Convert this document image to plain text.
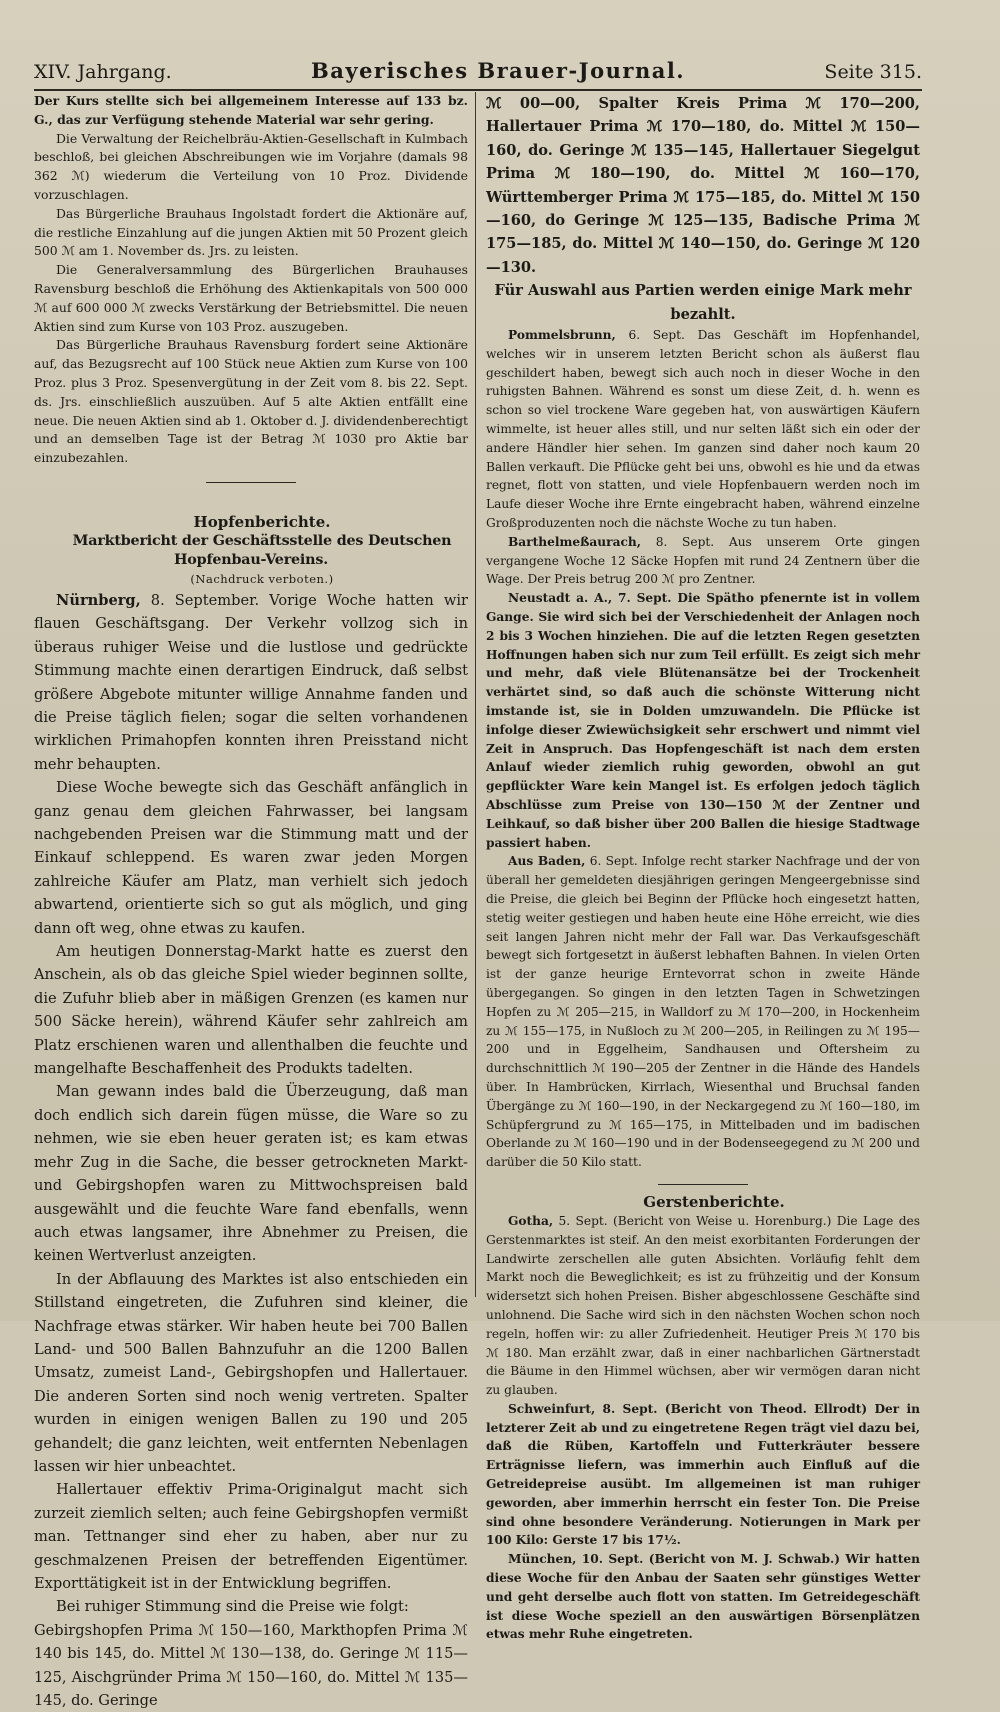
XIV. Jahrgang.	Bayerisches Brauer-Journal.	Seite 315.

Der Kurs stellte sich bei allgemeinem Interesse auf 133 bz. G., das zur Verfügung stehende Material war sehr gering.

Die Verwaltung der Reichelbräu-Aktien-Gesellschaft in Kulmbach beschloß, bei gleichen Abschreibungen wie im Vorjahre (damals 98 362 ℳ) wiederum die Verteilung von 10 Proz. Dividende vorzuschlagen.

Das Bürgerliche Brauhaus Ingolstadt fordert die Aktionäre auf, die restliche Einzahlung auf die jungen Aktien mit 50 Prozent gleich 500 ℳ am 1. November ds. Jrs. zu leisten.

Die Generalversammlung des Bürgerlichen Brauhauses Ravensburg beschloß die Erhöhung des Aktienkapitals von 500 000 ℳ auf 600 000 ℳ zwecks Verstärkung der Betriebsmittel. Die neuen Aktien sind zum Kurse von 103 Proz. auszugeben.

Das Bürgerliche Brauhaus Ravensburg fordert seine Aktionäre auf, das Bezugsrecht auf 100 Stück neue Aktien zum Kurse von 100 Proz. plus 3 Proz. Spesenvergütung in der Zeit vom 8. bis 22. Sept. ds. Jrs. einschließlich auszuüben. Auf 5 alte Aktien entfällt eine neue. Die neuen Aktien sind ab 1. Oktober d. J. dividendenberechtigt und an demselben Tage ist der Betrag ℳ 1030 pro Aktie bar einzubezahlen.

Hopfenberichte.

Marktbericht der Geschäftsstelle des Deutschen Hopfenbau-Vereins.

(Nachdruck verboten.)

Nürnberg, 8. September. Vorige Woche hatten wir flauen Geschäftsgang. Der Verkehr vollzog sich in überaus ruhiger Weise und die lustlose und gedrückte Stimmung machte einen derartigen Eindruck, daß selbst größere Abgebote mitunter willige Annahme fanden und die Preise täglich fielen; sogar die selten vorhandenen wirklichen Primahopfen konnten ihren Preisstand nicht mehr behaupten.

Diese Woche bewegte sich das Geschäft anfänglich in ganz genau dem gleichen Fahrwasser, bei langsam nachgebenden Preisen war die Stimmung matt und der Einkauf schleppend. Es waren zwar jeden Morgen zahlreiche Käufer am Platz, man verhielt sich jedoch abwartend, orientierte sich so gut als möglich, und ging dann oft weg, ohne etwas zu kaufen.

Am heutigen Donnerstag-Markt hatte es zuerst den Anschein, als ob das gleiche Spiel wieder beginnen sollte, die Zufuhr blieb aber in mäßigen Grenzen (es kamen nur 500 Säcke herein), während Käufer sehr zahlreich am Platz erschienen waren und allenthalben die feuchte und mangelhafte Beschaffenheit des Produkts tadelten.

Man gewann indes bald die Überzeugung, daß man doch endlich sich darein fügen müsse, die Ware so zu nehmen, wie sie eben heuer geraten ist; es kam etwas mehr Zug in die Sache, die besser getrockneten Markt- und Gebirgshopfen waren zu Mittwochspreisen bald ausgewählt und die feuchte Ware fand ebenfalls, wenn auch etwas langsamer, ihre Abnehmer zu Preisen, die keinen Wertverlust anzeigten.

In der Abflauung des Marktes ist also entschieden ein Stillstand eingetreten, die Zufuhren sind kleiner, die Nachfrage etwas stärker. Wir haben heute bei 700 Ballen Land- und 500 Ballen Bahnzufuhr an die 1200 Ballen Umsatz, zumeist Land-, Gebirgshopfen und Hallertauer. Die anderen Sorten sind noch wenig vertreten. Spalter wurden in einigen wenigen Ballen zu 190 und 205 gehandelt; die ganz leichten, weit entfernten Nebenlagen lassen wir hier unbeachtet.

Hallertauer effektiv Prima-Originalgut macht sich zurzeit ziemlich selten; auch feine Gebirgshopfen vermißt man. Tettnanger sind eher zu haben, aber nur zu geschmalzenen Preisen der betreffenden Eigentümer. Exporttätigkeit ist in der Entwicklung begriffen.

Bei ruhiger Stimmung sind die Preise wie folgt:

Gebirgshopfen Prima ℳ 150—160, Markthopfen Prima ℳ 140 bis 145, do. Mittel ℳ 130—138, do. Geringe ℳ 115—125, Aischgründer Prima ℳ 150—160, do. Mittel ℳ 135—145, do. Geringe

ℳ 00—00, Spalter Kreis Prima ℳ 170—200, Hallertauer Prima ℳ 170—180, do. Mittel ℳ 150—160, do. Geringe ℳ 135—145, Hallertauer Siegelgut Prima ℳ 180—190, do. Mittel ℳ 160—170, Württemberger Prima ℳ 175—185, do. Mittel ℳ 150—160, do Geringe ℳ 125—135, Badische Prima ℳ 175—185, do. Mittel ℳ 140—150, do. Geringe ℳ 120—130.

Für Auswahl aus Partien werden einige Mark mehr bezahlt.

Pommelsbrunn, 6. Sept. Das Geschäft im Hopfenhandel, welches wir in unserem letzten Bericht schon als äußerst flau geschildert haben, bewegt sich auch noch in dieser Woche in den ruhigsten Bahnen. Während es sonst um diese Zeit, d. h. wenn es schon so viel trockene Ware gegeben hat, von auswärtigen Käufern wimmelte, ist heuer alles still, und nur selten läßt sich ein oder der andere Händler hier sehen. Im ganzen sind daher noch kaum 20 Ballen verkauft. Die Pflücke geht bei uns, obwohl es hie und da etwas regnet, flott von statten, und viele Hopfenbauern werden noch im Laufe dieser Woche ihre Ernte eingebracht haben, während einzelne Großproduzenten noch die nächste Woche zu tun haben.

Barthelmeßaurach, 8. Sept. Aus unserem Orte gingen vergangene Woche 12 Säcke Hopfen mit rund 24 Zentnern über die Wage. Der Preis betrug 200 ℳ pro Zentner.

Neustadt a. A., 7. Sept. Die Spätho pfenernte ist in vollem Gange. Sie wird sich bei der Verschiedenheit der Anlagen noch 2 bis 3 Wochen hinziehen. Die auf die letzten Regen gesetzten Hoffnungen haben sich nur zum Teil erfüllt. Es zeigt sich mehr und mehr, daß viele Blütenansätze bei der Trockenheit verhärtet sind, so daß auch die schönste Witterung nicht imstande ist, sie in Dolden umzuwandeln. Die Pflücke ist infolge dieser Zwiewüchsigkeit sehr erschwert und nimmt viel Zeit in Anspruch. Das Hopfengeschäft ist nach dem ersten Anlauf wieder ziemlich ruhig geworden, obwohl an gut gepflückter Ware kein Mangel ist. Es erfolgen jedoch täglich Abschlüsse zum Preise von 130—150 ℳ der Zentner und Leihkauf, so daß bisher über 200 Ballen die hiesige Stadtwage passiert haben.

Aus Baden, 6. Sept. Infolge recht starker Nachfrage und der von überall her gemeldeten diesjährigen geringen Mengeergebnisse sind die Preise, die gleich bei Beginn der Pflücke hoch eingesetzt hatten, stetig weiter gestiegen und haben heute eine Höhe erreicht, wie dies seit langen Jahren nicht mehr der Fall war. Das Verkaufsgeschäft bewegt sich fortgesetzt in äußerst lebhaften Bahnen. In vielen Orten ist der ganze heurige Erntevorrat schon in zweite Hände übergegangen. So gingen in den letzten Tagen in Schwetzingen Hopfen zu ℳ 205—215, in Walldorf zu ℳ 170—200, in Hockenheim zu ℳ 155—175, in Nußloch zu ℳ 200—205, in Reilingen zu ℳ 195—200 und in Eggelheim, Sandhausen und Oftersheim zu durchschnittlich ℳ 190—205 der Zentner in die Hände des Handels über. In Hambrücken, Kirrlach, Wiesenthal und Bruchsal fanden Übergänge zu ℳ 160—190, in der Neckargegend zu ℳ 160—180, im Schüpfergrund zu ℳ 165—175, in Mittelbaden und im badischen Oberlande zu ℳ 160—190 und in der Bodenseegegend zu ℳ 200 und darüber die 50 Kilo statt.

Gerstenberichte.

Gotha, 5. Sept. (Bericht von Weise u. Horenburg.) Die Lage des Gerstenmarktes ist steif. An den meist exorbitanten Forderungen der Landwirte zerschellen alle guten Absichten. Vorläufig fehlt dem Markt noch die Beweglichkeit; es ist zu frühzeitig und der Konsum widersetzt sich hohen Preisen. Bisher abgeschlossene Geschäfte sind unlohnend. Die Sache wird sich in den nächsten Wochen schon noch regeln, hoffen wir: zu aller Zufriedenheit. Heutiger Preis ℳ 170 bis ℳ 180. Man erzählt zwar, daß in einer nachbarlichen Gärtnerstadt die Bäume in den Himmel wüchsen, aber wir vermögen daran nicht zu glauben.

Schweinfurt, 8. Sept. (Bericht von Theod. Ellrodt) Der in letzterer Zeit ab und zu eingetretene Regen trägt viel dazu bei, daß die Rüben, Kartoffeln und Futterkräuter bessere Erträgnisse liefern, was immerhin auch Einfluß auf die Getreidepreise ausübt. Im allgemeinen ist man ruhiger geworden, aber immerhin herrscht ein fester Ton. Die Preise sind ohne besondere Veränderung. Notierungen in Mark per 100 Kilo: Gerste 17 bis 17½.

München, 10. Sept. (Bericht von M. J. Schwab.) Wir hatten diese Woche für den Anbau der Saaten sehr günstiges Wetter und geht derselbe auch flott von statten. Im Getreidegeschäft ist diese Woche speziell an den auswärtigen Börsenplätzen etwas mehr Ruhe eingetreten.
